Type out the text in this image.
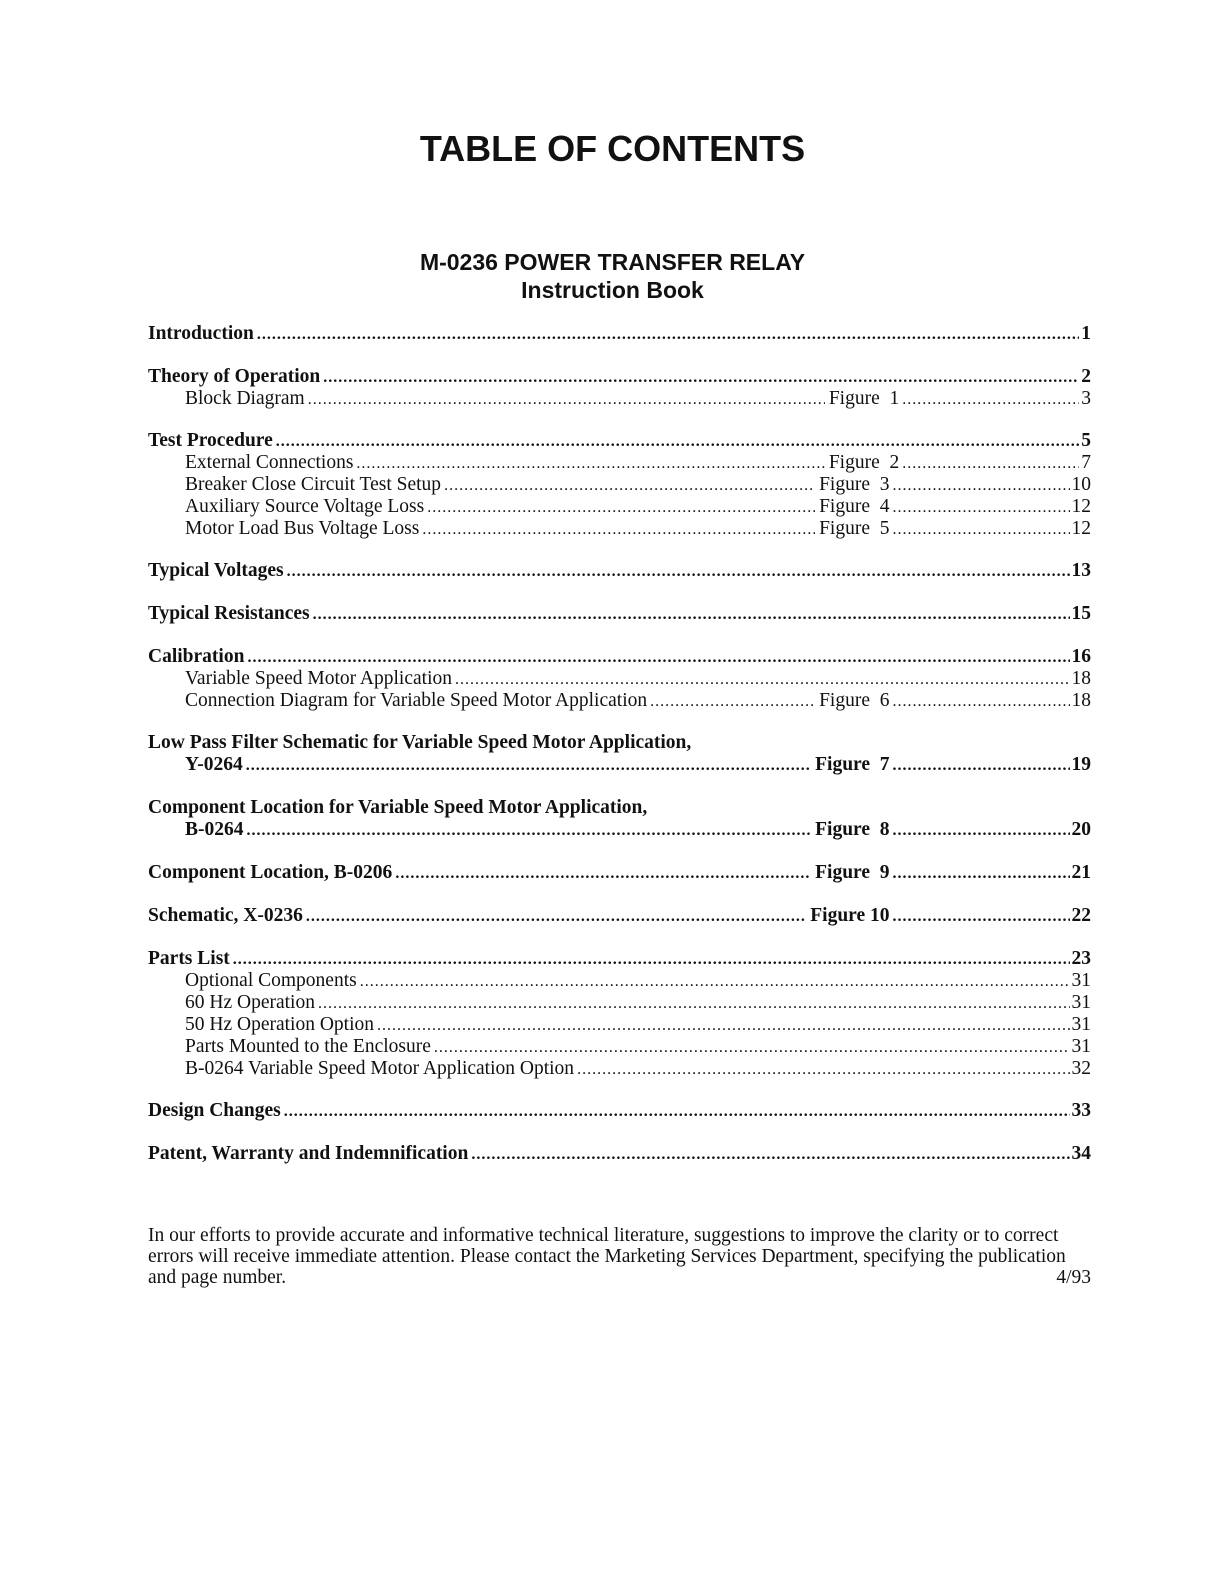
TABLE OF CONTENTS
M-0236 POWER TRANSFER RELAY
Instruction Book
Introduction .....	1
Theory of Operation .....	2
Block Diagram .....	Figure  1 .....	3
Test Procedure .....	5
External Connections .....	Figure  2 .....	7
Breaker Close Circuit Test Setup .....	Figure  3 .....	10
Auxiliary Source Voltage Loss .....	Figure  4 .....	12
Motor Load Bus Voltage Loss .....	Figure  5 .....	12
Typical Voltages .....	13
Typical Resistances .....	15
Calibration .....	16
Variable Speed Motor Application .....	18
Connection Diagram for Variable Speed Motor Application .....	Figure  6 .....	18
Low Pass Filter Schematic for Variable Speed Motor Application,
Y-0264 .....	Figure  7 .....	19
Component Location for Variable Speed Motor Application,
B-0264 .....	Figure  8 .....	20
Component Location, B-0206 .....	Figure  9 .....	21
Schematic, X-0236 .....	Figure 10 .....	22
Parts List .....	23
Optional Components .....	31
60 Hz Operation .....	31
50 Hz Operation Option .....	31
Parts Mounted to the Enclosure .....	31
B-0264 Variable Speed Motor Application Option .....	32
Design Changes .....	33
Patent, Warranty and Indemnification .....	34

In our efforts to provide accurate and informative technical literature, suggestions to improve the clarity or to correct errors will receive immediate attention. Please contact the Marketing Services Department, specifying the publication and page number.	4/93
